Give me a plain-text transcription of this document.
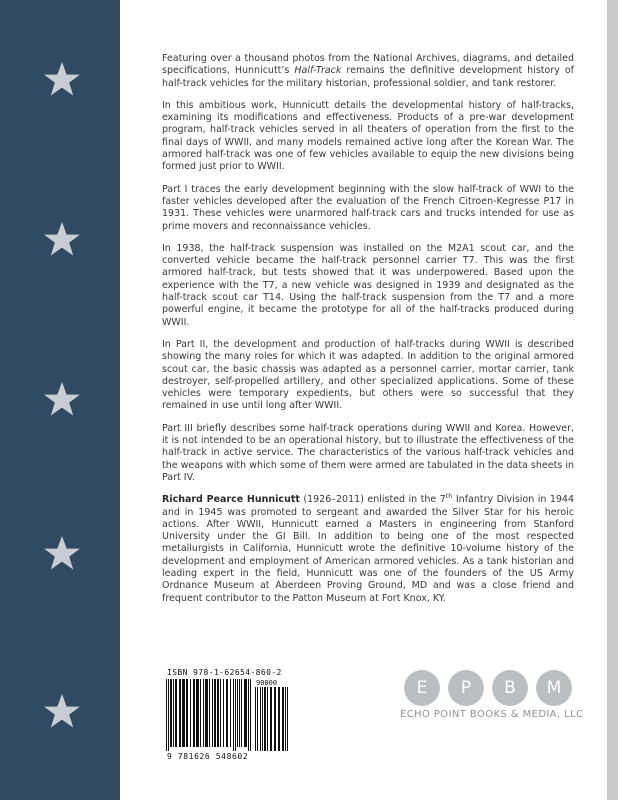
Featuring over a thousand photos from the National Archives, diagrams, and detailed specifications, Hunnicutt’s Half-Track remains the definitive development history of half-track vehicles for the military historian, professional soldier, and tank restorer.

In this ambitious work, Hunnicutt details the developmental history of half-tracks, examining its modifications and effectiveness. Products of a pre-war development program, half-track vehicles served in all theaters of operation from the first to the final days of WWII, and many models remained active long after the Korean War. The armored half-track was one of few vehicles available to equip the new divisions being formed just prior to WWII.

Part I traces the early development beginning with the slow half-track of WWI to the faster vehicles developed after the evaluation of the French Citroen-Kegresse P17 in 1931. These vehicles were unarmored half-track cars and trucks intended for use as prime movers and reconnaissance vehicles.

In 1938, the half-track suspension was installed on the M2A1 scout car, and the converted vehicle became the half-track personnel carrier T7. This was the first armored half-track, but tests showed that it was underpowered. Based upon the experience with the T7, a new vehicle was designed in 1939 and designated as the half-track scout car T14. Using the half-track suspension from the T7 and a more powerful engine, it became the prototype for all of the half-tracks produced during WWII.

In Part II, the development and production of half-tracks during WWII is described showing the many roles for which it was adapted. In addition to the original armored scout car, the basic chassis was adapted as a personnel carrier, mortar carrier, tank destroyer, self-propelled artillery, and other specialized applications. Some of these vehicles were temporary expedients, but others were so successful that they remained in use until long after WWII.

Part III briefly describes some half-track operations during WWII and Korea. However, it is not intended to be an operational history, but to illustrate the effectiveness of the half-track in active service. The characteristics of the various half-track vehicles and the weapons with which some of them were armed are tabulated in the data sheets in Part IV.

Richard Pearce Hunnicutt (1926–2011) enlisted in the 7th Infantry Division in 1944 and in 1945 was promoted to sergeant and awarded the Silver Star for his heroic actions. After WWII, Hunnicutt earned a Masters in engineering from Stanford University under the GI Bill. In addition to being one of the most respected metallurgists in California, Hunnicutt wrote the definitive 10-volume history of the development and employment of American armored vehicles. As a tank historian and leading expert in the field, Hunnicutt was one of the founders of the US Army Ordnance Museum at Aberdeen Proving Ground, MD and was a close friend and frequent contributor to the Patton Museum at Fort Knox, KY.

ISBN 978-1-62654-860-2
90000
9 781626 548602
E	P	B	M
ECHO POINT BOOKS & MEDIA, LLC
